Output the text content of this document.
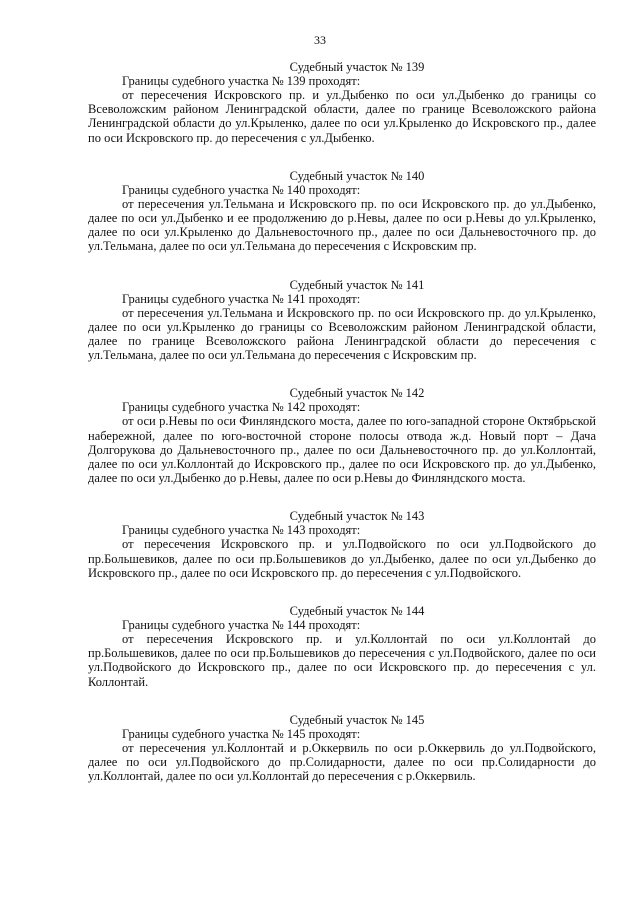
33

Судебный участок № 139

Границы судебного участка № 139 проходят:

от пересечения Искровского пр. и ул.Дыбенко по оси ул.Дыбенко до границы со Всеволожским районом Ленинградской области, далее по границе Всеволожского района Ленинградской области до ул.Крыленко, далее по оси ул.Крыленко до Искровского пр., далее по оси Искровского пр. до пересечения с ул.Дыбенко.

Судебный участок № 140

Границы судебного участка № 140 проходят:

от пересечения ул.Тельмана и Искровского пр. по оси Искровского пр. до ул.Дыбенко, далее по оси ул.Дыбенко и ее продолжению до р.Невы, далее по оси р.Невы до ул.Крыленко, далее по оси ул.Крыленко до Дальневосточного пр., далее по оси Дальневосточного пр. до ул.Тельмана, далее по оси ул.Тельмана до пересечения с Искровским пр.

Судебный участок № 141

Границы судебного участка № 141 проходят:

от пересечения ул.Тельмана и Искровского пр. по оси Искровского пр. до ул.Крыленко, далее по оси ул.Крыленко до границы со Всеволожским районом Ленинградской области, далее по границе Всеволожского района Ленинградской области до пересечения с ул.Тельмана, далее по оси ул.Тельмана до пересечения с Искровским пр.

Судебный участок № 142

Границы судебного участка № 142 проходят:

от оси р.Невы по оси Финляндского моста, далее по юго-западной стороне Октябрьской набережной, далее по юго-восточной стороне полосы отвода ж.д. Новый порт – Дача Долгорукова до Дальневосточного пр., далее по оси Дальневосточного пр. до ул.Коллонтай, далее по оси ул.Коллонтай до Искровского пр., далее по оси Искровского пр. до ул.Дыбенко, далее по оси ул.Дыбенко до р.Невы, далее по оси р.Невы до Финляндского моста.

Судебный участок № 143

Границы судебного участка № 143 проходят:

от пересечения Искровского пр. и ул.Подвойского по оси ул.Подвойского до пр.Большевиков, далее по оси пр.Большевиков до ул.Дыбенко, далее по оси ул.Дыбенко до Искровского пр., далее по оси Искровского пр. до пересечения с ул.Подвойского.

Судебный участок № 144

Границы судебного участка № 144 проходят:

от пересечения Искровского пр. и ул.Коллонтай по оси ул.Коллонтай до пр.Большевиков, далее по оси пр.Большевиков до пересечения с ул.Подвойского, далее по оси ул.Подвойского до Искровского пр., далее по оси Искровского пр. до пересечения с ул. Коллонтай.

Судебный участок № 145

Границы судебного участка № 145 проходят:

от пересечения ул.Коллонтай и р.Оккервиль по оси р.Оккервиль до ул.Подвойского, далее по оси ул.Подвойского до пр.Солидарности, далее по оси пр.Солидарности до ул.Коллонтай, далее по оси ул.Коллонтай до пересечения с р.Оккервиль.
